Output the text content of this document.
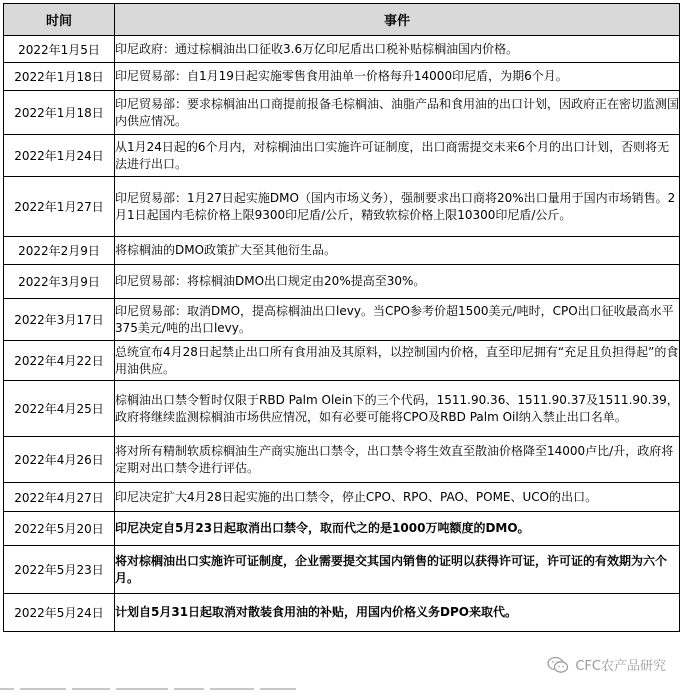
时间	事件
2022年1月5日	印尼政府：通过棕榈油出口征收3.6万亿印尼盾出口税补贴棕榈油国内价格。
2022年1月18日	印尼贸易部：自1月19日起实施零售食用油单一价格每升14000印尼盾，为期6个月。
2022年1月18日	印尼贸易部：要求棕榈油出口商提前报备毛棕榈油、油脂产品和食用油的出口计划，因政府正在密切监测国内供应情况。
2022年1月24日	从1月24日起的6个月内，对棕榈油出口实施许可证制度，出口商需提交未来6个月的出口计划，否则将无法进行出口。
2022年1月27日	印尼贸易部：1月27日起实施DMO（国内市场义务），强制要求出口商将20%出口量用于国内市场销售。2月1日起国内毛棕价格上限9300印尼盾/公斤，精致软棕价格上限10300印尼盾/公斤。
2022年2月9日	将棕榈油的DMO政策扩大至其他衍生品。
2022年3月9日	印尼贸易部：将棕榈油DMO出口规定由20%提高至30%。
2022年3月17日	印尼贸易部：取消DMO，提高棕榈油出口levy。当CPO参考价超1500美元/吨时，CPO出口征收最高水平375美元/吨的出口levy。
2022年4月22日	总统宣布4月28日起禁止出口所有食用油及其原料，以控制国内价格，直至印尼拥有“充足且负担得起”的食用油供应。
2022年4月25日	棕榈油出口禁令暂时仅限于RBD Palm Olein下的三个代码，1511.90.36、1511.90.37及1511.90.39，政府将继续监测棕榈油市场供应情况，如有必要可能将CPO及RBD Palm Oil纳入禁止出口名单。
2022年4月26日	将对所有精制软质棕榈油生产商实施出口禁令，出口禁令将生效直至散油价格降至14000卢比/升，政府将定期对出口禁令进行评估。
2022年4月27日	印尼决定扩大4月28日起实施的出口禁令，停止CPO、RPO、PAO、POME、UCO的出口。
2022年5月20日	印尼决定自5月23日起取消出口禁令，取而代之的是1000万吨额度的DMO。
2022年5月23日	将对棕榈油出口实施许可证制度，企业需要提交其国内销售的证明以获得许可证，许可证的有效期为六个月。
2022年5月24日	计划自5月31日起取消对散装食用油的补贴，用国内价格义务DPO来取代。
CFC农产品研究
